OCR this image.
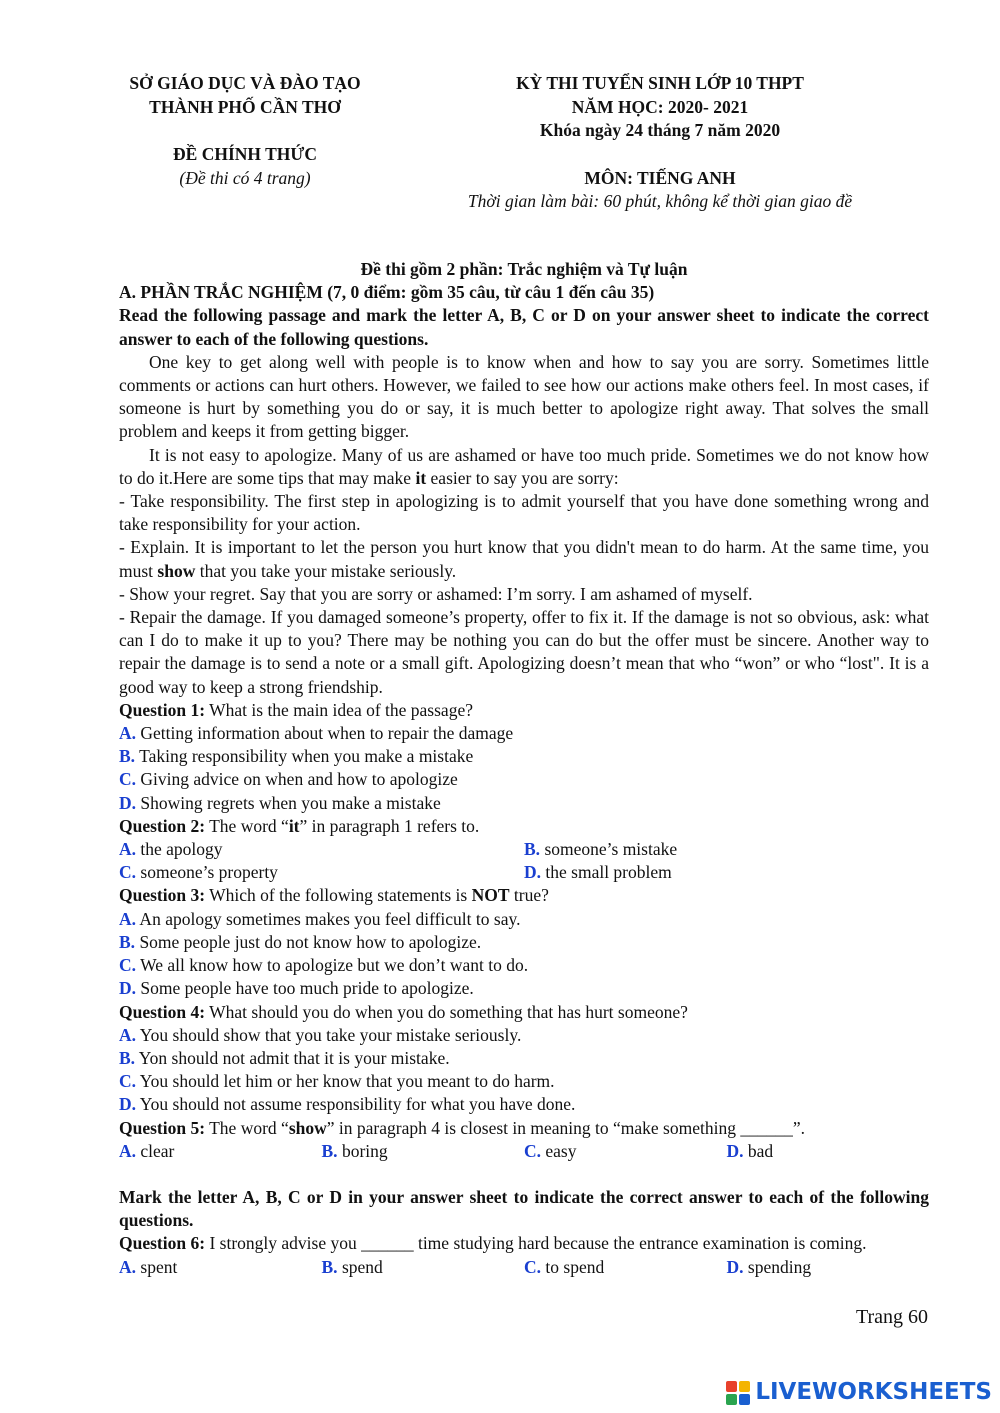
SỞ GIÁO DỤC VÀ ĐÀO TẠO
THÀNH PHỐ CẦN THƠ
ĐỀ CHÍNH THỨC
(Đề thi có 4 trang)
KỲ THI TUYỂN SINH LỚP 10 THPT
NĂM HỌC: 2020- 2021
Khóa ngày 24 tháng 7 năm 2020
MÔN: TIẾNG ANH
Thời gian làm bài: 60 phút, không kể thời gian giao đề
Đề thi gồm 2 phần: Trắc nghiệm và Tự luận
A. PHẦN TRẮC NGHIỆM (7, 0 điểm: gồm 35 câu, từ câu 1 đến câu 35)

Read the following passage and mark the letter A, B, C or D on your answer sheet to indicate the correct answer to each of the following questions.

One key to get along well with people is to know when and how to say you are sorry. Sometimes little comments or actions can hurt others. However, we failed to see how our actions make others feel. In most cases, if someone is hurt by something you do or say, it is much better to apologize right away. That solves the small problem and keeps it from getting bigger.

It is not easy to apologize. Many of us are ashamed or have too much pride. Sometimes we do not know how to do it.Here are some tips that may make it easier to say you are sorry:

- Take responsibility. The first step in apologizing is to admit yourself that you have done something wrong and take responsibility for your action.

- Explain. It is important to let the person you hurt know that you didn't mean to do harm. At the same time, you must show that you take your mistake seriously.

- Show your regret. Say that you are sorry or ashamed: I’m sorry. I am ashamed of myself.

- Repair the damage. If you damaged someone’s property, offer to fix it. If the damage is not so obvious, ask: what can I do to make it up to you? There may be nothing you can do but the offer must be sincere. Another way to repair the damage is to send a note or a small gift. Apologizing doesn’t mean that who “won” or who “lost". It is a good way to keep a strong friendship.

Question 1: What is the main idea of the passage?
A. Getting information about when to repair the damage
B. Taking responsibility when you make a mistake
C. Giving advice on when and how to apologize
D. Showing regrets when you make a mistake
Question 2: The word “it” in paragraph 1 refers to.
A. the apology	B. someone’s mistake
C. someone’s property	D. the small problem
Question 3: Which of the following statements is NOT true?
A. An apology sometimes makes you feel difficult to say.
B. Some people just do not know how to apologize.
C. We all know how to apologize but we don’t want to do.
D. Some people have too much pride to apologize.
Question 4: What should you do when you do something that has hurt someone?
A. You should show that you take your mistake seriously.
B. Yon should not admit that it is your mistake.
C. You should let him or her know that you meant to do harm.
D. You should not assume responsibility for what you have done.
Question 5: The word “show” in paragraph 4 is closest in meaning to “make something ______”.
A. clear	B. boring	C. easy	D. bad

Mark the letter A, B, C or D in your answer sheet to indicate the correct answer to each of the following questions.

Question 6: I strongly advise you ______ time studying hard because the entrance examination is coming.

A. spent	B. spend	C. to spend	D. spending
Trang 60
LIVEWORKSHEETS
